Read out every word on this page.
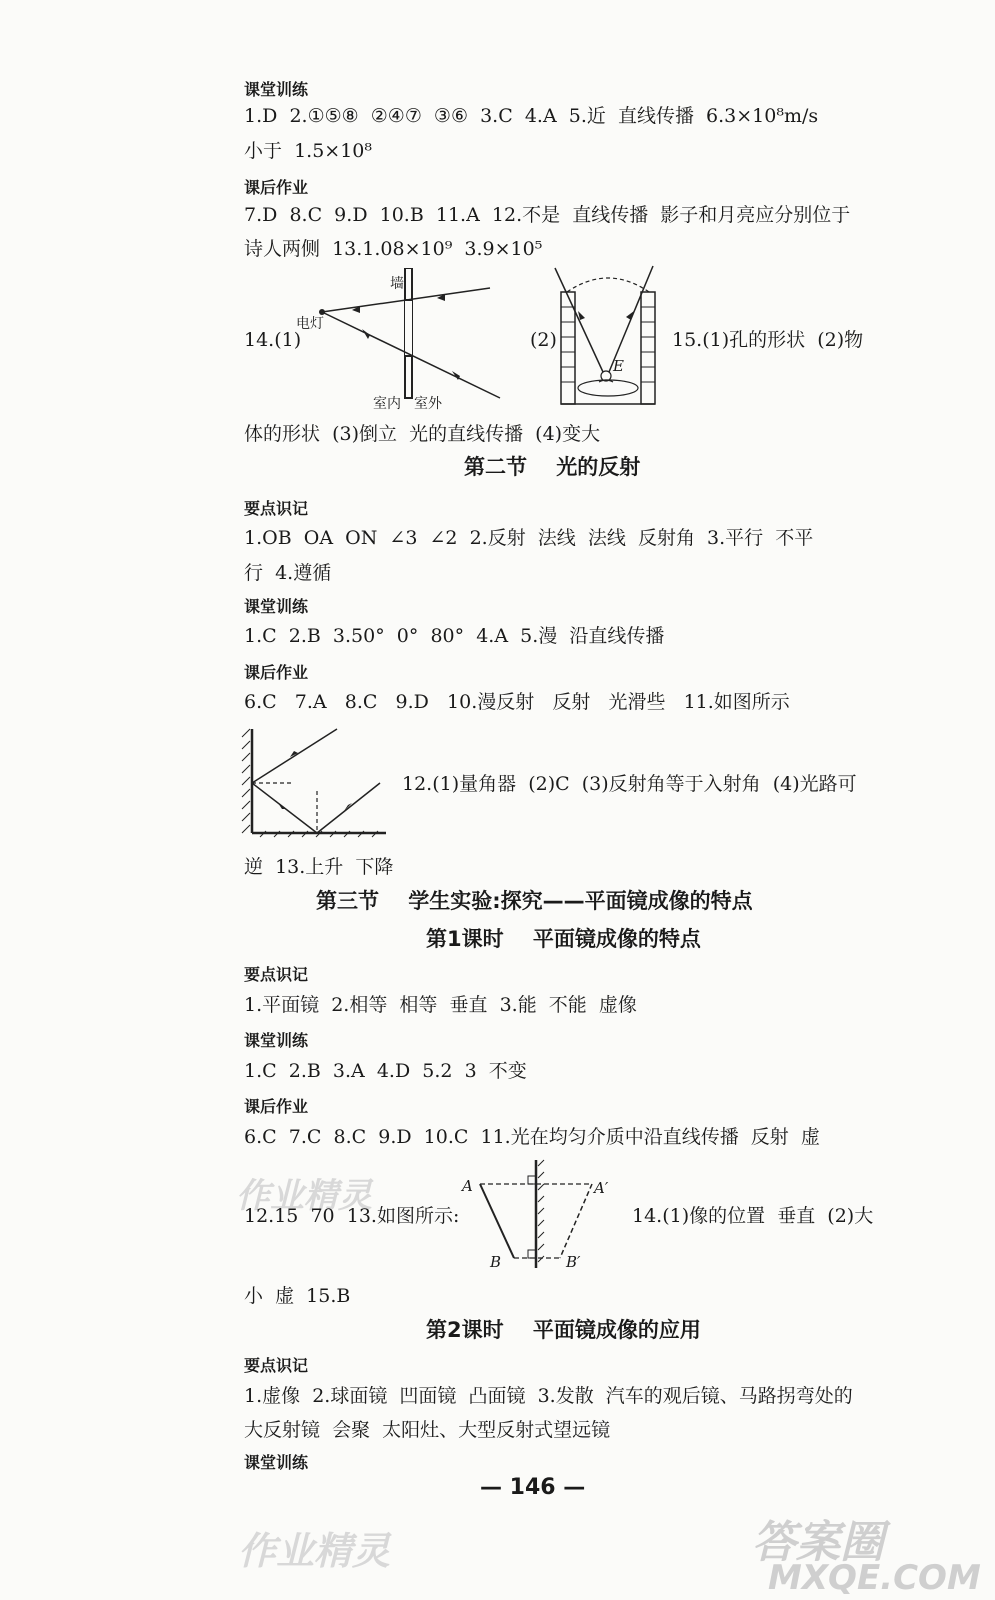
课堂训练
1.D  2.①⑤⑧  ②④⑦  ③⑥  3.C  4.A  5.近  直线传播  6.3×10⁸m/s
小于  1.5×10⁸
课后作业
7.D  8.C  9.D  10.B  11.A  12.不是  直线传播  影子和月亮应分别位于
诗人两侧  13.1.08×10⁹  3.9×10⁵
14.(1)
墙
电灯
室内 室外
(2)
E
15.(1)孔的形状  (2)物
体的形状  (3)倒立  光的直线传播  (4)变大
第二节    光的反射
要点识记
1.OB  OA  ON  ∠3  ∠2  2.反射  法线  法线  反射角  3.平行  不平
行  4.遵循
课堂训练
1.C  2.B  3.50°  0°  80°  4.A  5.漫  沿直线传播
课后作业
6.C   7.A   8.C   9.D   10.漫反射   反射   光滑些   11.如图所示
12.(1)量角器  (2)C  (3)反射角等于入射角  (4)光路可
逆  13.上升  下降
第三节    学生实验:探究——平面镜成像的特点
第1课时    平面镜成像的特点
要点识记
1.平面镜  2.相等  相等  垂直  3.能  不能  虚像
课堂训练
1.C  2.B  3.A  4.D  5.2  3  不变
课后作业
6.C  7.C  8.C  9.D  10.C  11.光在均匀介质中沿直线传播  反射  虚
作业精灵
12.15  70  13.如图所示:
A	A′
B	B′
14.(1)像的位置  垂直  (2)大
小  虚  15.B
第2课时    平面镜成像的应用
要点识记
1.虚像  2.球面镜  凹面镜  凸面镜  3.发散  汽车的观后镜、马路拐弯处的
大反射镜  会聚  太阳灶、大型反射式望远镜
课堂训练
— 146 —
作业精灵	答案圈
MXQE.COM
